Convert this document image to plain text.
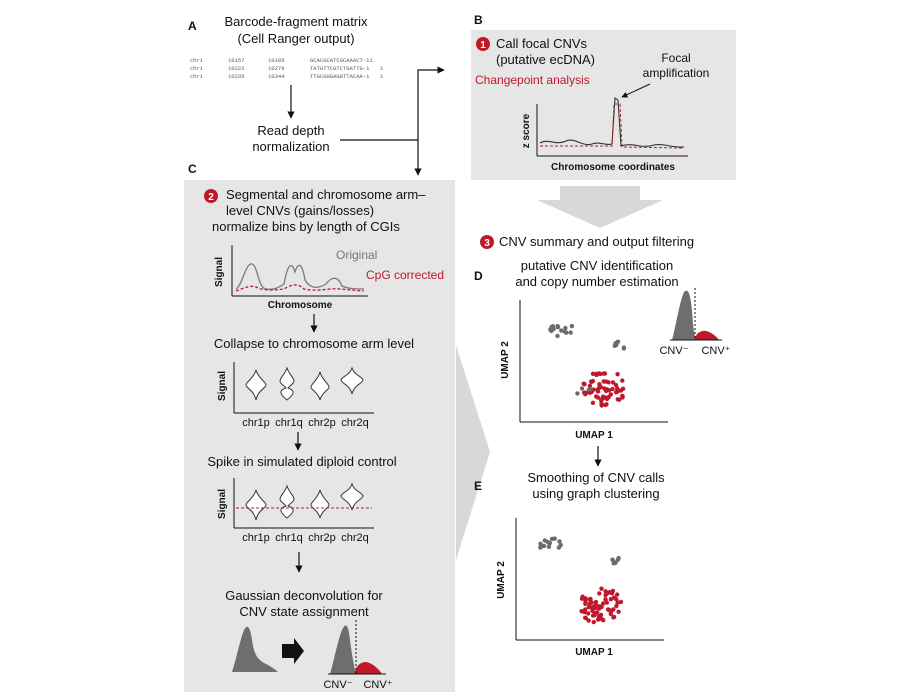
A Barcode-fragment matrix
(Cell Ranger output)
chr1	10157	10185	GCACGCATCGCAAACT-11
chr1	10222	10279	TATGTTCGTCTGATTG-1 1
chr1	10235	10344	TTGCGGGAGGTTACAA-1 1
Read depth
normalization
B
1 Call focal CNVs
(putative ecDNA)
Changepoint analysis
Focal
amplification
z score
Chromosome coordinates
C
2 Segmental and chromosome arm–
level CNVs (gains/losses)
normalize bins by length of CGIs
Signal
Chromosome
Original
CpG corrected
Collapse to chromosome arm level
Signal
chr1p chr1q chr2p chr2q
Spike in simulated diploid control
Signal
chr1p chr1q chr2p chr2q
Gaussian deconvolution for
CNV state assignment
CNV⁻ CNV⁺
3 CNV summary and output filtering
D
putative CNV identification
and copy number estimation
UMAP 2
UMAP 1
CNV⁻ CNV⁺
E
Smoothing of CNV calls
using graph clustering
UMAP 2
UMAP 1
